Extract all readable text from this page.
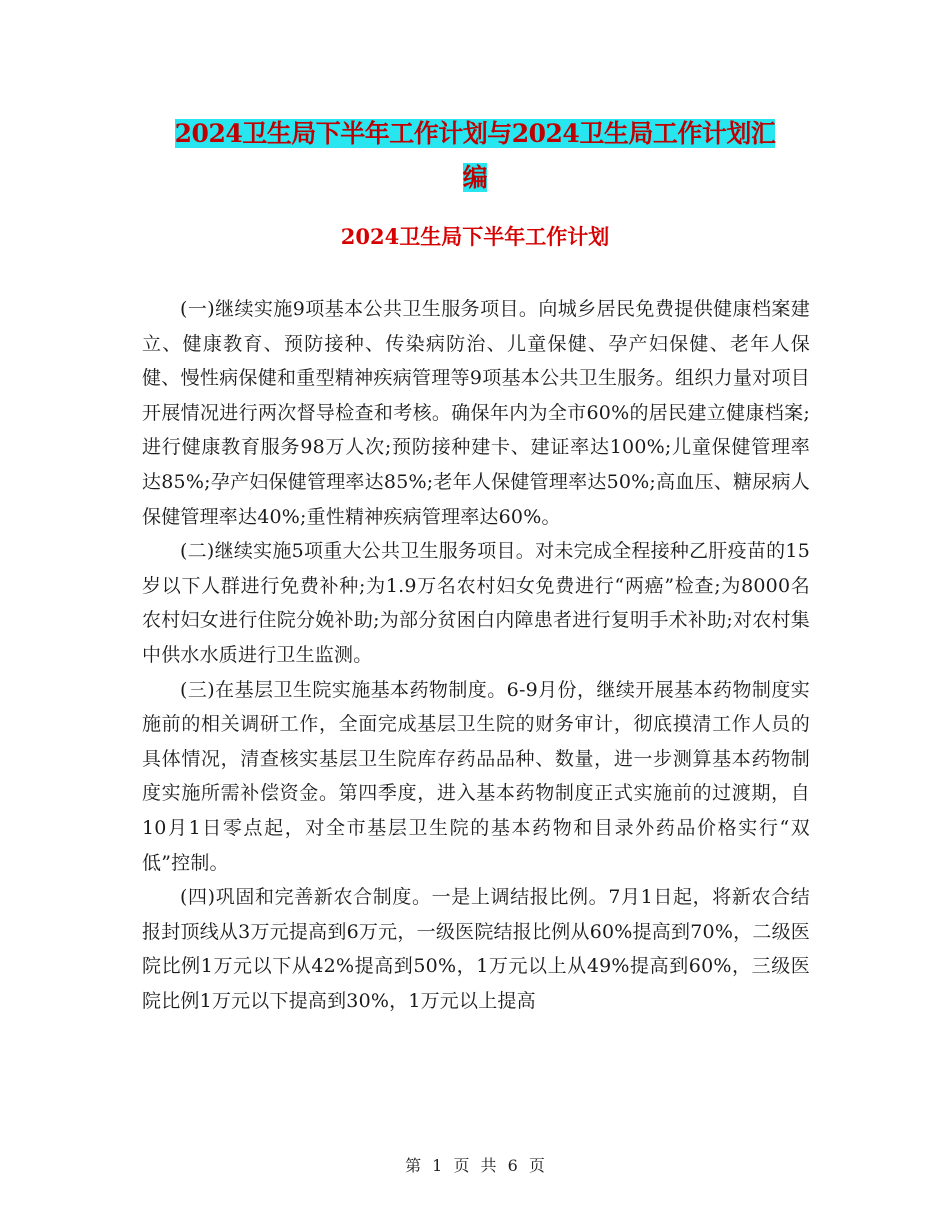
2024卫生局下半年工作计划与2024卫生局工作计划汇
编
2024卫生局下半年工作计划

(一)继续实施9项基本公共卫生服务项目。向城乡居民免费提供健康档案建立、健康教育、预防接种、传染病防治、儿童保健、孕产妇保健、老年人保健、慢性病保健和重型精神疾病管理等9项基本公共卫生服务。组织力量对项目开展情况进行两次督导检查和考核。确保年内为全市60%的居民建立健康档案;进行健康教育服务98万人次;预防接种建卡、建证率达100%;儿童保健管理率达85%;孕产妇保健管理率达85%;老年人保健管理率达50%;高血压、糖尿病人保健管理率达40%;重性精神疾病管理率达60%。

(二)继续实施5项重大公共卫生服务项目。对未完成全程接种乙肝疫苗的15岁以下人群进行免费补种;为1.9万名农村妇女免费进行“两癌”检查;为8000名农村妇女进行住院分娩补助;为部分贫困白内障患者进行复明手术补助;对农村集中供水水质进行卫生监测。

(三)在基层卫生院实施基本药物制度。6-9月份，继续开展基本药物制度实施前的相关调研工作，全面完成基层卫生院的财务审计，彻底摸清工作人员的具体情况，清查核实基层卫生院库存药品品种、数量，进一步测算基本药物制度实施所需补偿资金。第四季度，进入基本药物制度正式实施前的过渡期，自10月1日零点起，对全市基层卫生院的基本药物和目录外药品价格实行“双低”控制。

(四)巩固和完善新农合制度。一是上调结报比例。7月1日起，将新农合结报封顶线从3万元提高到6万元，一级医院结报比例从60%提高到70%，二级医院比例1万元以下从42%提高到50%，1万元以上从49%提高到60%，三级医院比例1万元以下提高到30%，1万元以上提高

第 1 页 共 6 页
